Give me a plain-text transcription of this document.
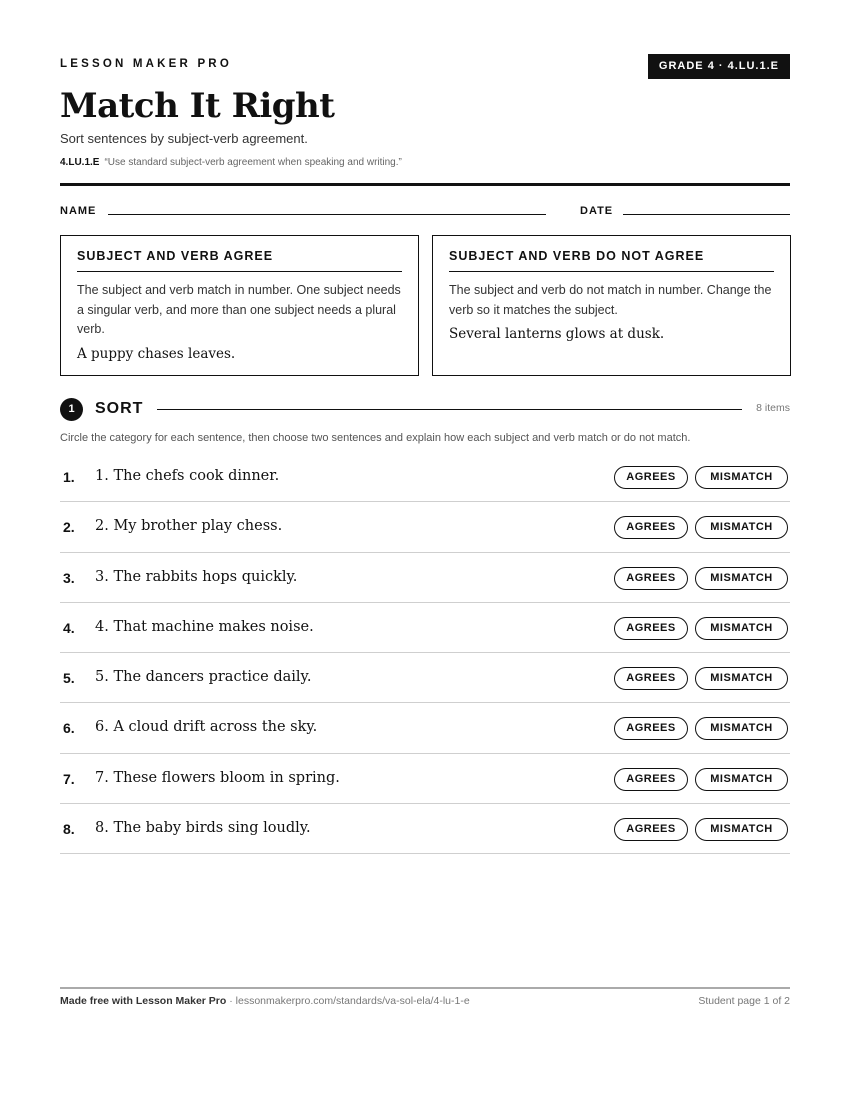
LESSON MAKER PRO	GRADE 4 · 4.LU.1.E
Match It Right
Sort sentences by subject-verb agreement.
4.LU.1.E “Use standard subject-verb agreement when speaking and writing.”
NAME	DATE
SUBJECT AND VERB AGREE
The subject and verb match in number. One subject needs a singular verb, and more than one subject needs a plural verb.
A puppy chases leaves.
SUBJECT AND VERB DO NOT AGREE
The subject and verb do not match in number. Change the verb so it matches the subject.
Several lanterns glows at dusk.
1	SORT	8 items
Circle the category for each sentence, then choose two sentences and explain how each subject and verb match or do not match.
1. 1. The chefs cook dinner.	AGREES	MISMATCH
2. 2. My brother play chess.	AGREES	MISMATCH
3. 3. The rabbits hops quickly.	AGREES	MISMATCH
4. 4. That machine makes noise.	AGREES	MISMATCH
5. 5. The dancers practice daily.	AGREES	MISMATCH
6. 6. A cloud drift across the sky.	AGREES	MISMATCH
7. 7. These flowers bloom in spring.	AGREES	MISMATCH
8. 8. The baby birds sing loudly.	AGREES	MISMATCH
Made free with Lesson Maker Pro · lessonmakerpro.com/standards/va-sol-ela/4-lu-1-e	Student page 1 of 2
